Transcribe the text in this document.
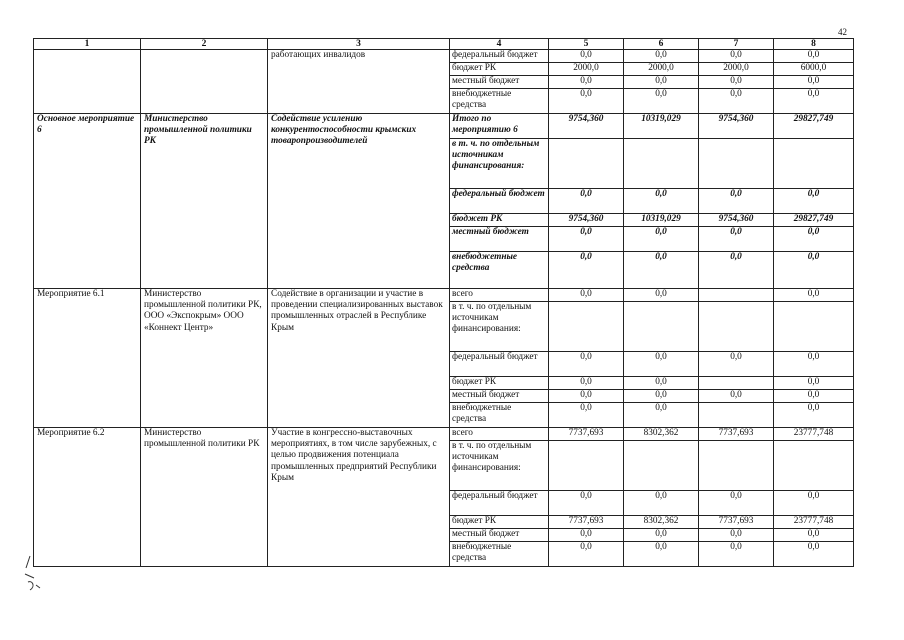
42
1	2	3	4	5	6	7	8
		работающих инвалидов	федеральный бюджет	0,0	0,0	0,0	0,0
			бюджет РК	2000,0	2000,0	2000,0	6000,0
			местный бюджет	0,0	0,0	0,0	0,0
			внебюджетные средства	0,0	0,0	0,0	0,0
Основное мероприятие 6	Министерство промышленной политики РК	Содействие усилению конкурентоспособности крымских товаропроизводителей	Итого по мероприятию 6	9754,360	10319,029	9754,360	29827,749
			в т. ч. по отдельным источникам финансирования:				
			федеральный бюджет	0,0	0,0	0,0	0,0
			бюджет РК	9754,360	10319,029	9754,360	29827,749
			местный бюджет	0,0	0,0	0,0	0,0
			внебюджетные средства	0,0	0,0	0,0	0,0
Мероприятие 6.1	Министерство промышленной политики РК, ООО «Экспокрым» ООО «Коннект Центр»	Содействие в организации и участие в проведении специализированных выставок промышленных отраслей в Республике Крым	всего	0,0	0,0		0,0
			в т. ч. по отдельным источникам финансирования:				
			федеральный бюджет	0,0	0,0	0,0	0,0
			бюджет РК	0,0	0,0		0,0
			местный бюджет	0,0	0,0	0,0	0,0
			внебюджетные средства	0,0	0,0		0,0
Мероприятие 6.2	Министерство промышленной политики РК	Участие в конгрессно-выставочных мероприятиях, в том числе зарубежных, с целью продвижения потенциала промышленных предприятий Республики Крым	всего	7737,693	8302,362	7737,693	23777,748
			в т. ч. по отдельным источникам финансирования:				
			федеральный бюджет	0,0	0,0	0,0	0,0
			бюджет РК	7737,693	8302,362	7737,693	23777,748
			местный бюджет	0,0	0,0	0,0	0,0
			внебюджетные средства	0,0	0,0	0,0	0,0
